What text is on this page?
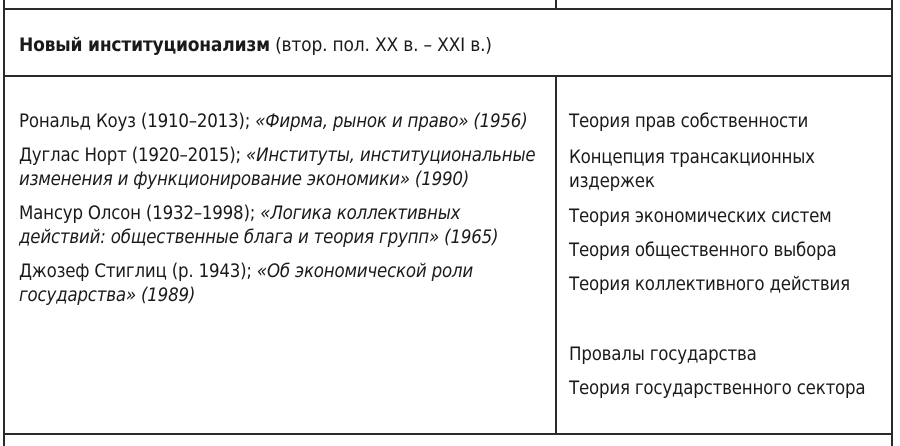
Новый институционализм (втор. пол. XX в. – XXI в.)
Рональд Коуз (1910–2013); «Фирма, рынок и право» (1956)
Дуглас Норт (1920–2015); «Институты, институциональные изменения и функционирование экономики» (1990)
Мансур Олсон (1932–1998); «Логика коллективных действий: общественные блага и теория групп» (1965)
Джозеф Стиглиц (р. 1943); «Об экономической роли государства» (1989)
Теория прав собственности
Концепция трансакционных издержек
Теория экономических систем
Теория общественного выбора
Теория коллективного действия
Провалы государства
Теория государственного сектора
